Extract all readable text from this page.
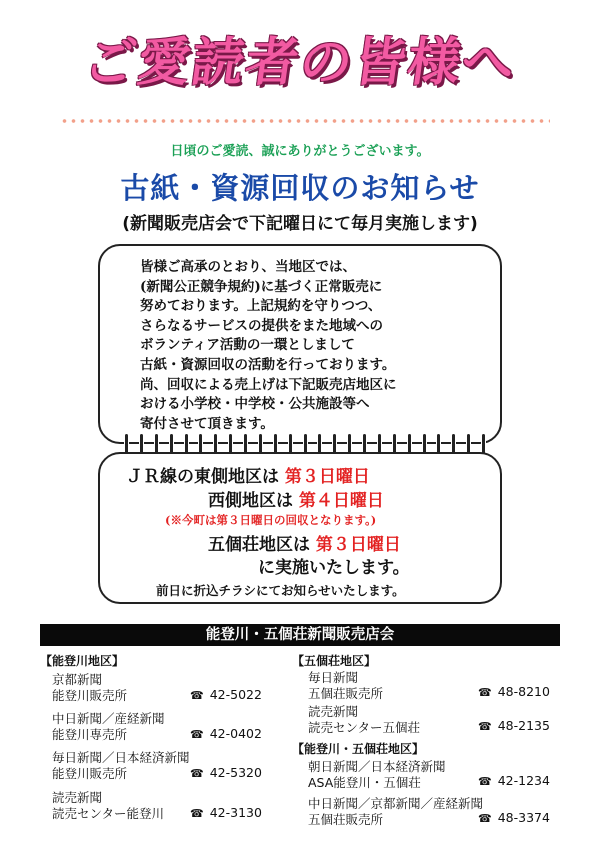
ご愛読者の皆様へ
日頃のご愛読、誠にありがとうございます。
古紙・資源回収のお知らせ
(新聞販売店会で下記曜日にて毎月実施します)
皆様ご高承のとおり、当地区では、
(新聞公正競争規約)に基づく正常販売に
努めております。上記規約を守りつつ、
さらなるサービスの提供をまた地域への
ボランティア活動の一環としまして
古紙・資源回収の活動を行っております。
尚、回収による売上げは下記販売店地区に
おける小学校・中学校・公共施設等へ
寄付させて頂きます。
ＪＲ線の東側地区は 第３日曜日
西側地区は 第４日曜日
(※今町は第３日曜日の回収となります。)
五個荘地区は 第３日曜日
に実施いたします。
前日に折込チラシにてお知らせいたします。
能登川・五個荘新聞販売店会
【能登川地区】	【五個荘地区】
【能登川・五個荘地区】
京都新聞
能登川販売所	☎ 42-5022
中日新聞／産経新聞
能登川専売所	☎ 42-0402
毎日新聞／日本経済新聞
能登川販売所	☎ 42-5320
読売新聞
読売センター能登川 ☎ 42-3130
毎日新聞
五個荘販売所	☎ 48-8210
読売新聞
読売センター五個荘	☎ 48-2135
朝日新聞／日本経済新聞
ASA能登川・五個荘	☎ 42-1234
中日新聞／京都新聞／産経新聞
五個荘販売所	☎ 48-3374
